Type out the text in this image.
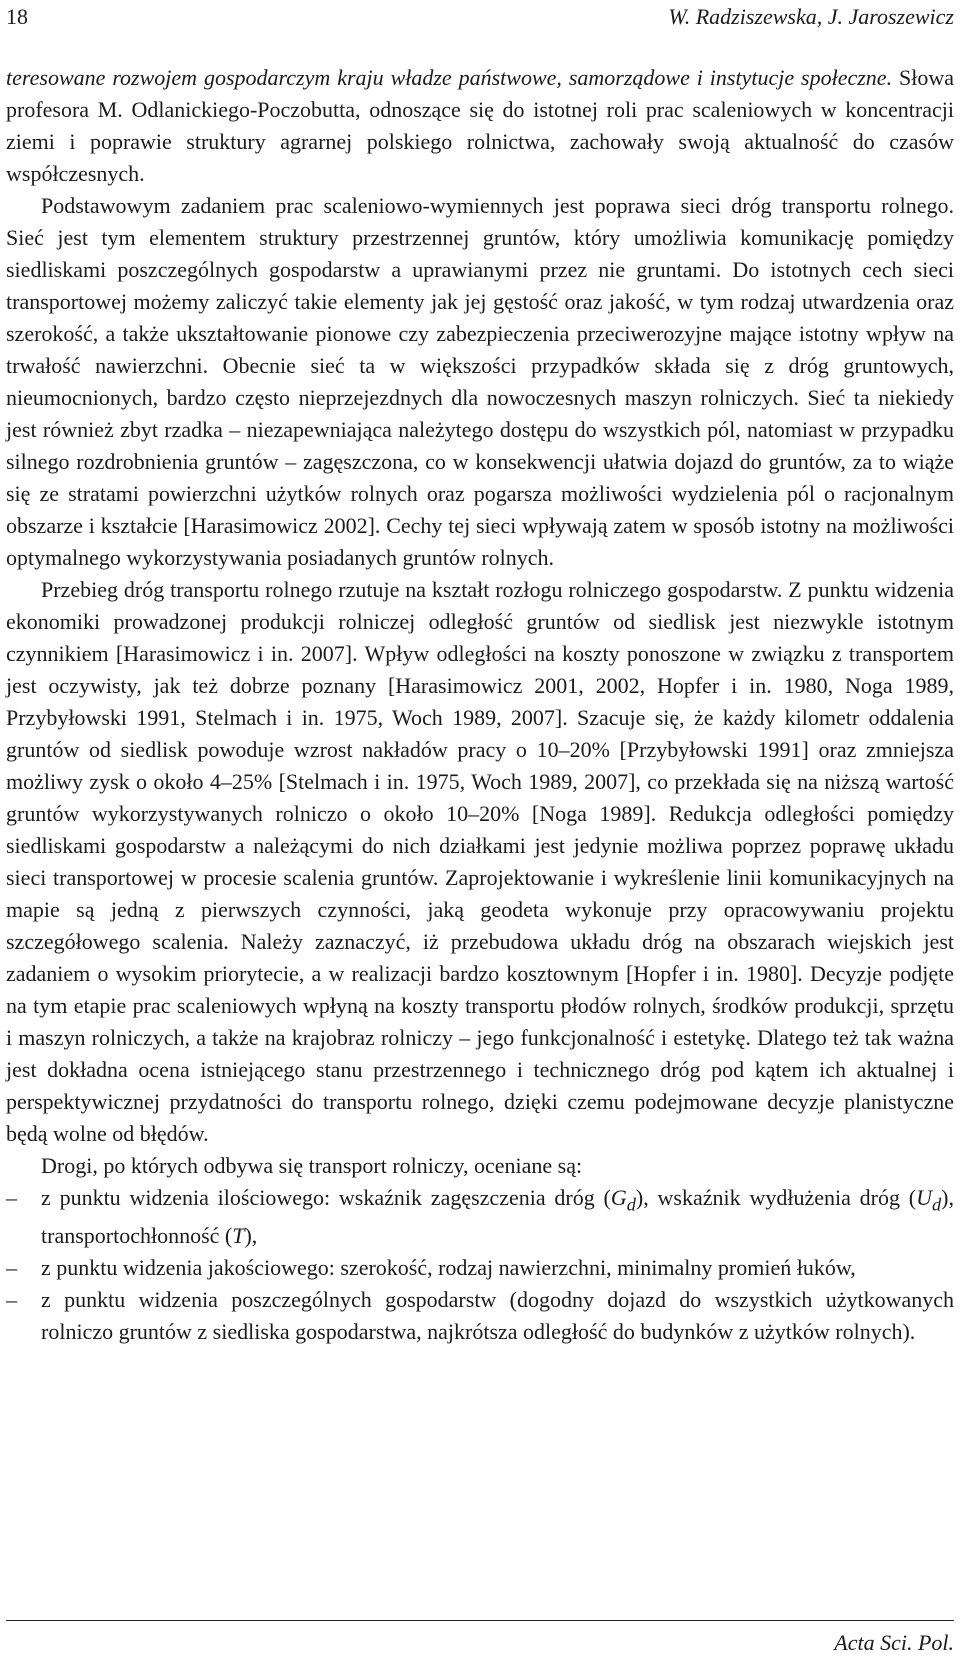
18	W. Radziszewska, J. Jaroszewicz

teresowane rozwojem gospodarczym kraju władze państwowe, samorządowe i instytucje społeczne. Słowa profesora M. Odlanickiego-Poczobutta, odnoszące się do istotnej roli prac scaleniowych w koncentracji ziemi i poprawie struktury agrarnej polskiego rolnictwa, zachowały swoją aktualność do czasów współczesnych.

Podstawowym zadaniem prac scaleniowo-wymiennych jest poprawa sieci dróg transportu rolnego. Sieć jest tym elementem struktury przestrzennej gruntów, który umożliwia komunikację pomiędzy siedliskami poszczególnych gospodarstw a uprawianymi przez nie gruntami. Do istotnych cech sieci transportowej możemy zaliczyć takie elementy jak jej gęstość oraz jakość, w tym rodzaj utwardzenia oraz szerokość, a także ukształtowanie pionowe czy zabezpieczenia przeciwerozyjne mające istotny wpływ na trwałość nawierzchni. Obecnie sieć ta w większości przypadków składa się z dróg gruntowych, nieumocnionych, bardzo często nieprzejezdnych dla nowoczesnych maszyn rolniczych. Sieć ta niekiedy jest również zbyt rzadka – niezapewniająca należytego dostępu do wszystkich pól, natomiast w przypadku silnego rozdrobnienia gruntów – zagęszczona, co w konsekwencji ułatwia dojazd do gruntów, za to wiąże się ze stratami powierzchni użytków rolnych oraz pogarsza możliwości wydzielenia pól o racjonalnym obszarze i kształcie [Harasimowicz 2002]. Cechy tej sieci wpływają zatem w sposób istotny na możliwości optymalnego wykorzystywania posiadanych gruntów rolnych.

Przebieg dróg transportu rolnego rzutuje na kształt rozłogu rolniczego gospodarstw. Z punktu widzenia ekonomiki prowadzonej produkcji rolniczej odległość gruntów od siedlisk jest niezwykle istotnym czynnikiem [Harasimowicz i in. 2007]. Wpływ odległości na koszty ponoszone w związku z transportem jest oczywisty, jak też dobrze poznany [Harasimowicz 2001, 2002, Hopfer i in. 1980, Noga 1989, Przybyłowski 1991, Stelmach i in. 1975, Woch 1989, 2007]. Szacuje się, że każdy kilometr oddalenia gruntów od siedlisk powoduje wzrost nakładów pracy o 10–20% [Przybyłowski 1991] oraz zmniejsza możliwy zysk o około 4–25% [Stelmach i in. 1975, Woch 1989, 2007], co przekłada się na niższą wartość gruntów wykorzystywanych rolniczo o około 10–20% [Noga 1989]. Redukcja odległości pomiędzy siedliskami gospodarstw a należącymi do nich działkami jest jedynie możliwa poprzez poprawę układu sieci transportowej w procesie scalenia gruntów. Zaprojektowanie i wykreślenie linii komunikacyjnych na mapie są jedną z pierwszych czynności, jaką geodeta wykonuje przy opracowywaniu projektu szczegółowego scalenia. Należy zaznaczyć, iż przebudowa układu dróg na obszarach wiejskich jest zadaniem o wysokim priorytecie, a w realizacji bardzo kosztownym [Hopfer i in. 1980]. Decyzje podjęte na tym etapie prac scaleniowych wpłyną na koszty transportu płodów rolnych, środków produkcji, sprzętu i maszyn rolniczych, a także na krajobraz rolniczy – jego funkcjonalność i estetykę. Dlatego też tak ważna jest dokładna ocena istniejącego stanu przestrzennego i technicznego dróg pod kątem ich aktualnej i perspektywicznej przydatności do transportu rolnego, dzięki czemu podejmowane decyzje planistyczne będą wolne od błędów.

Drogi, po których odbywa się transport rolniczy, oceniane są:

– z punktu widzenia ilościowego: wskaźnik zagęszczenia dróg $(G_d)$, wskaźnik wydłużenia dróg $(U_d)$, transportochłonność (T),
– z punktu widzenia jakościowego: szerokość, rodzaj nawierzchni, minimalny promień łuków,
– z punktu widzenia poszczególnych gospodarstw (dogodny dojazd do wszystkich użytkowanych rolniczo gruntów z siedliska gospodarstwa, najkrótsza odległość do budynków z użytków rolnych).
Acta Sci. Pol.
